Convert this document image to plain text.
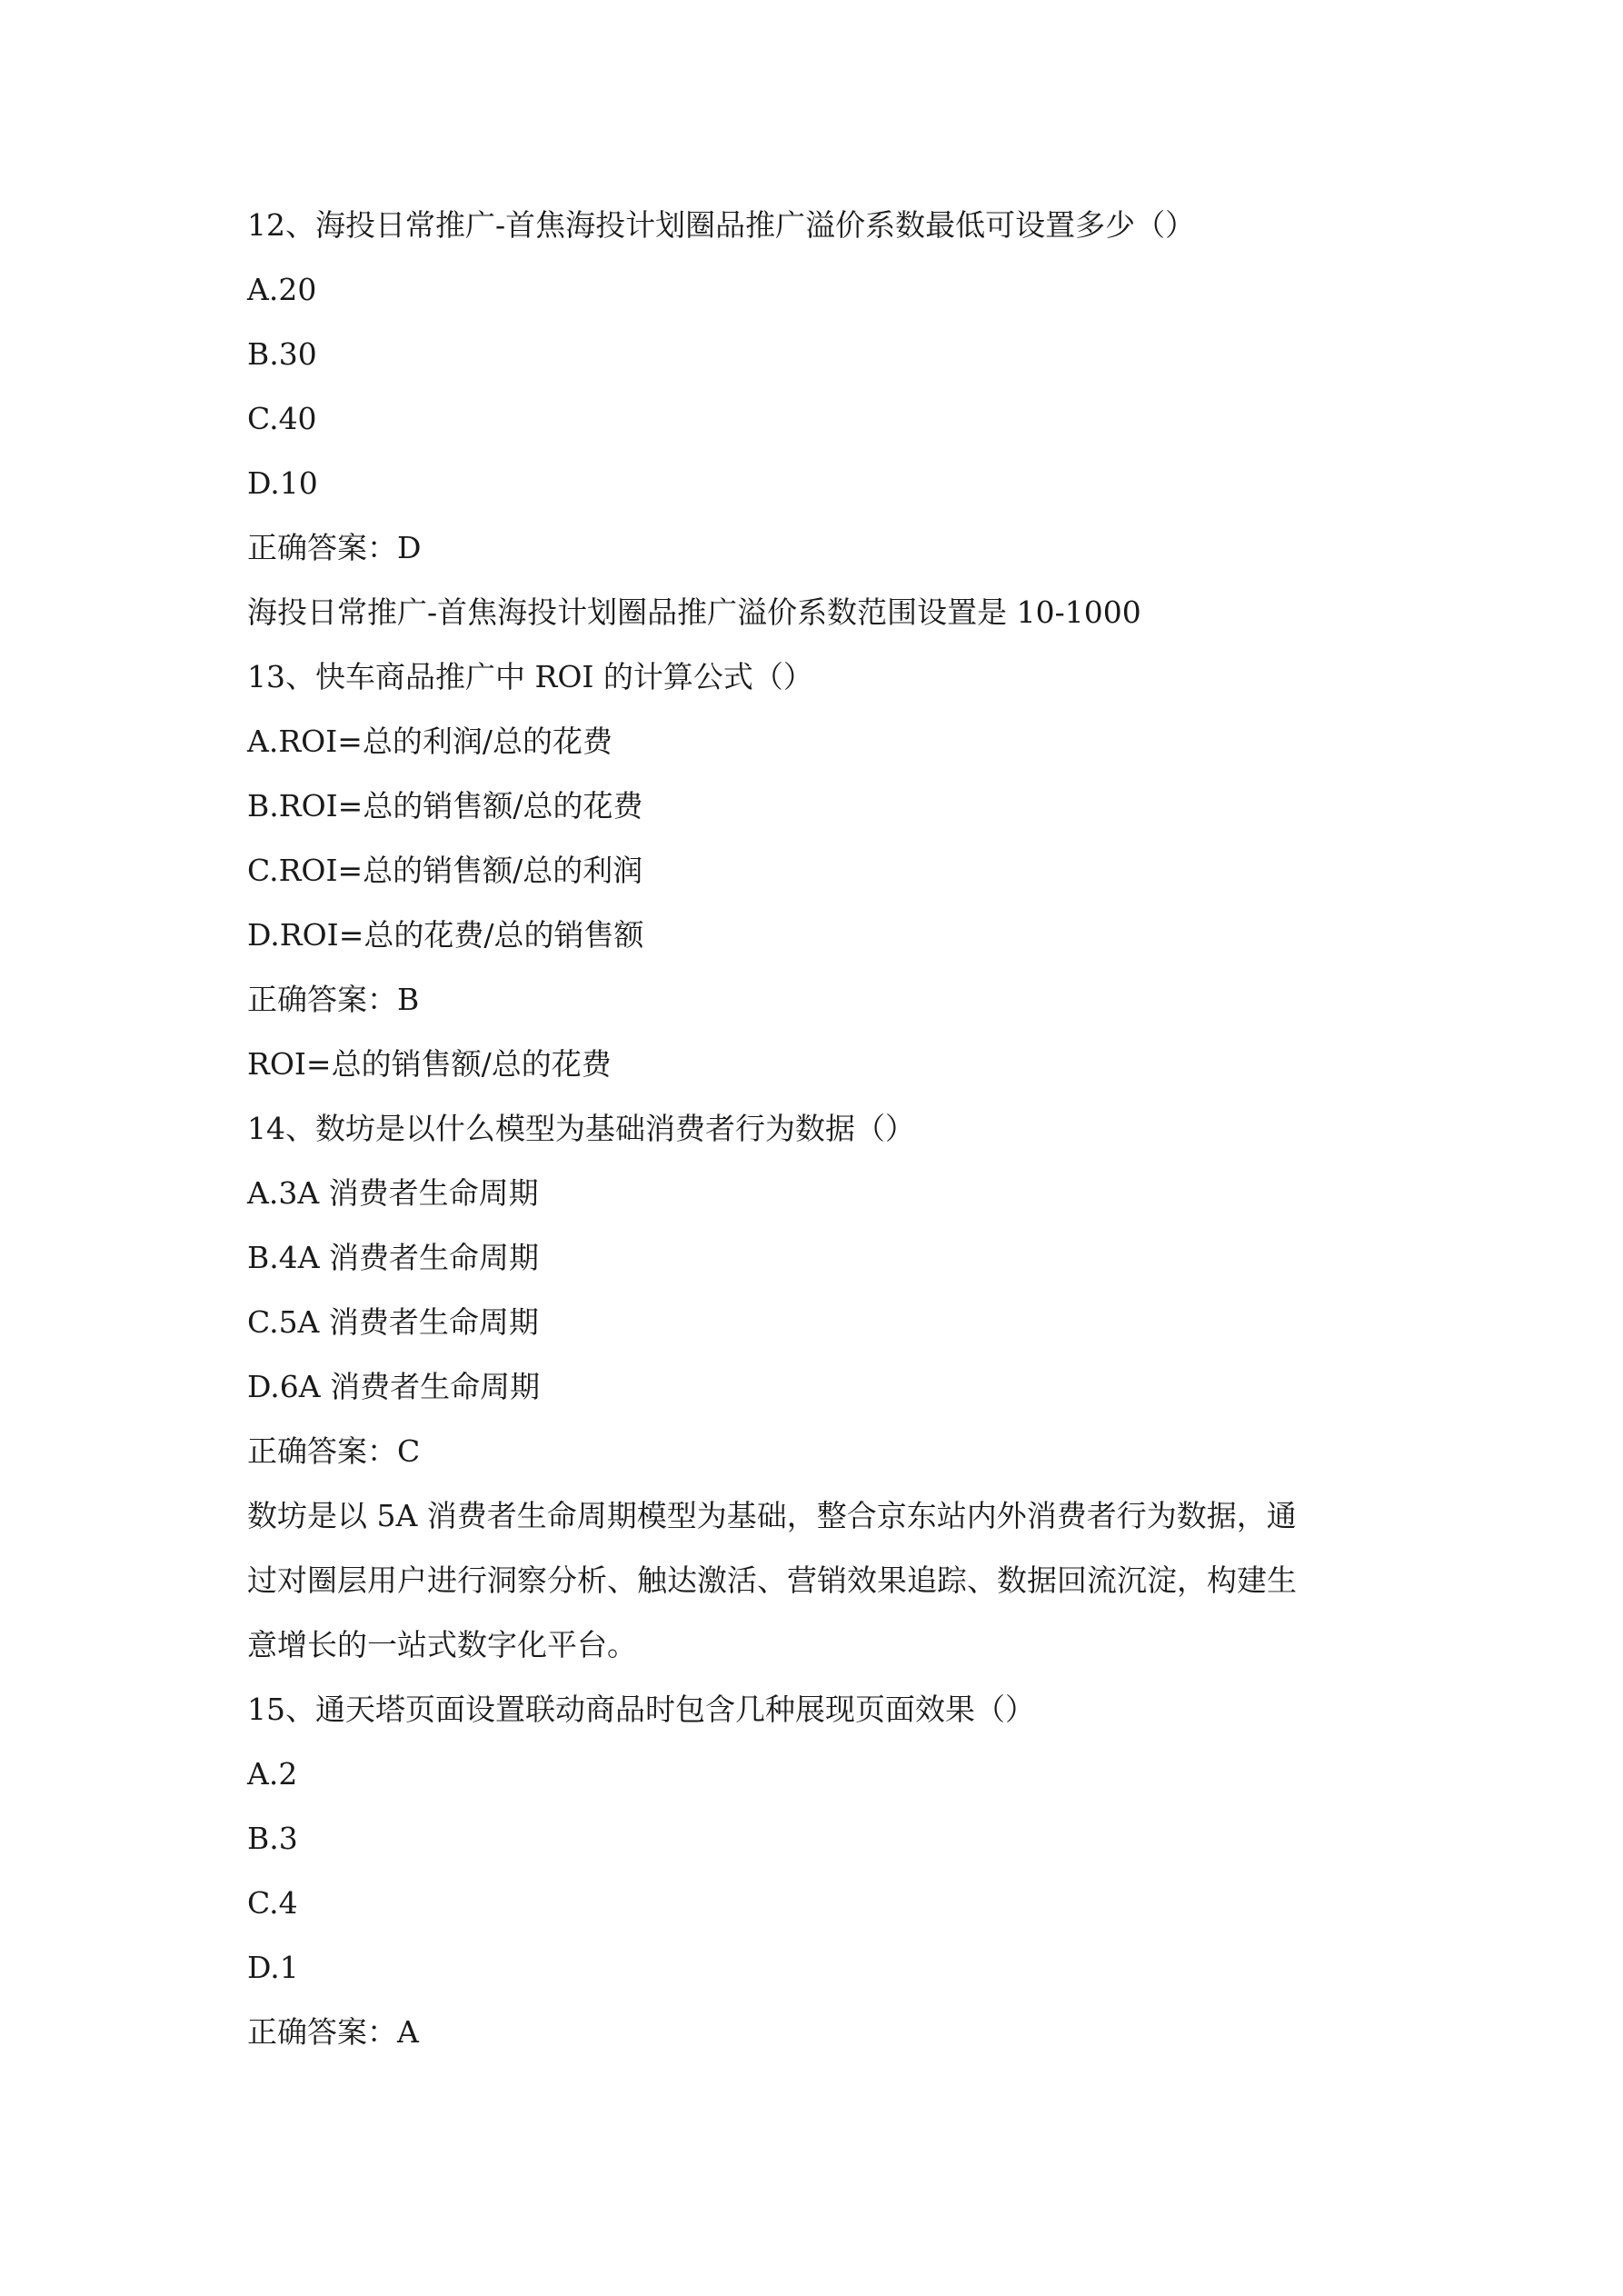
12、海投日常推广-首焦海投计划圈品推广溢价系数最低可设置多少（）

A.20

B.30

C.40

D.10

正确答案：D

海投日常推广-首焦海投计划圈品推广溢价系数范围设置是 10-1000

13、快车商品推广中 ROI 的计算公式（）

A.ROI=总的利润/总的花费

B.ROI=总的销售额/总的花费

C.ROI=总的销售额/总的利润

D.ROI=总的花费/总的销售额

正确答案：B

ROI=总的销售额/总的花费

14、数坊是以什么模型为基础消费者行为数据（）

A.3A 消费者生命周期

B.4A 消费者生命周期

C.5A 消费者生命周期

D.6A 消费者生命周期

正确答案：C

数坊是以 5A 消费者生命周期模型为基础，整合京东站内外消费者行为数据，通

过对圈层用户进行洞察分析、触达激活、营销效果追踪、数据回流沉淀，构建生

意增长的一站式数字化平台。

15、通天塔页面设置联动商品时包含几种展现页面效果（）

A.2

B.3

C.4

D.1

正确答案：A
